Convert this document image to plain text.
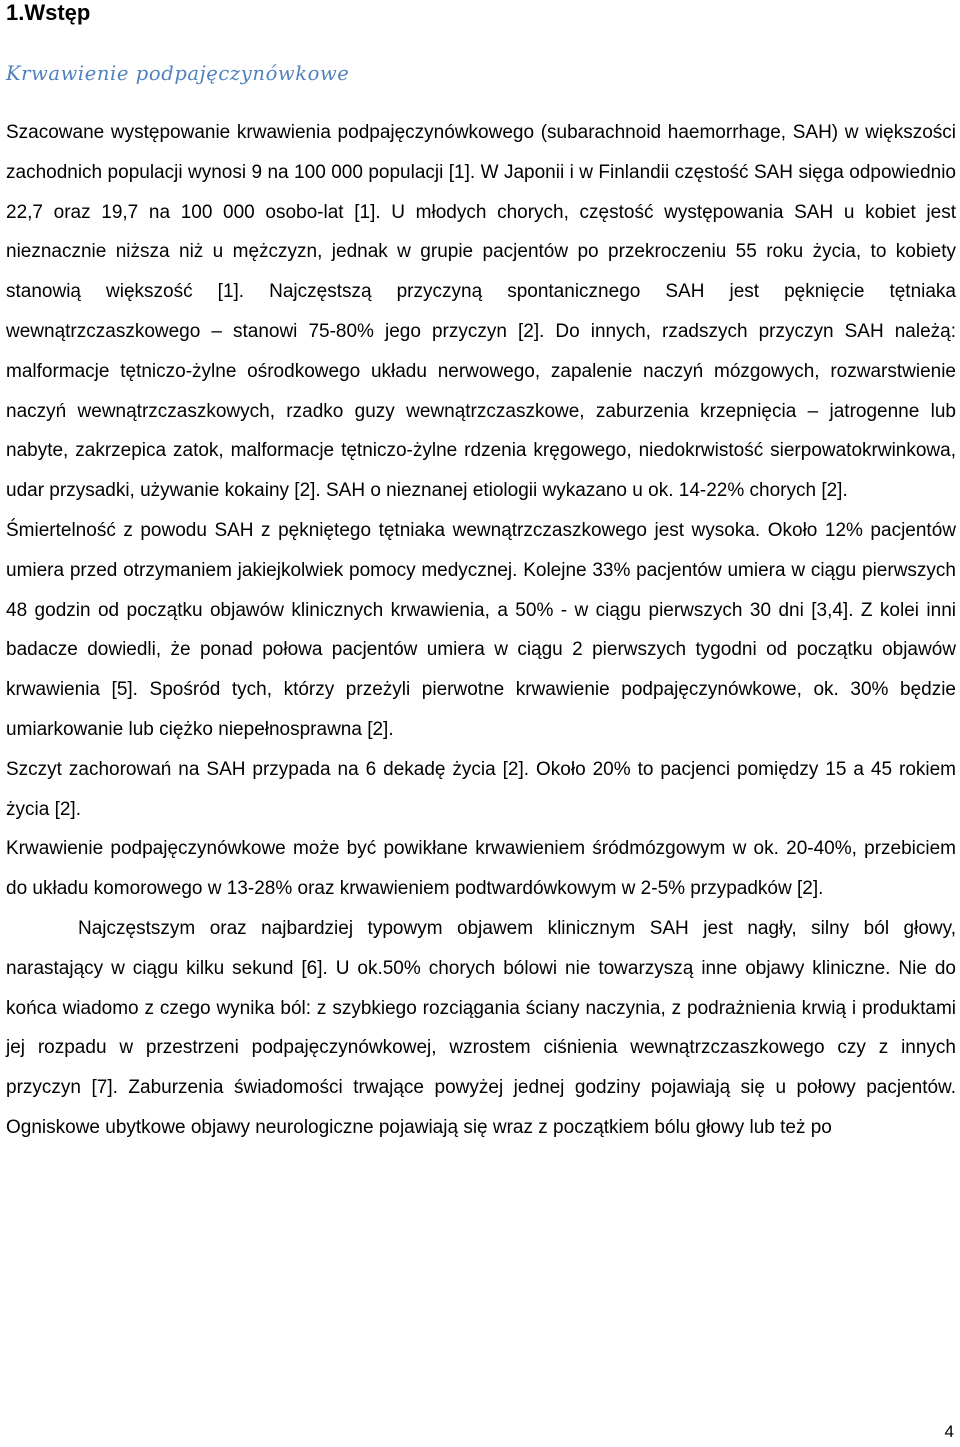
1.Wstęp
Krwawienie podpajęczynówkowe

Szacowane występowanie krwawienia podpajęczynówkowego (subarachnoid haemorrhage, SAH) w większości zachodnich populacji wynosi 9 na 100 000 populacji [1]. W Japonii i w Finlandii częstość SAH sięga odpowiednio 22,7 oraz 19,7 na 100 000 osobo-lat [1]. U młodych chorych, częstość występowania SAH u kobiet jest nieznacznie niższa niż u mężczyzn, jednak w grupie pacjentów po przekroczeniu 55 roku życia, to kobiety stanowią większość [1]. Najczęstszą przyczyną spontanicznego SAH jest pęknięcie tętniaka wewnątrzczaszkowego – stanowi 75-80% jego przyczyn [2]. Do innych, rzadszych przyczyn SAH należą: malformacje tętniczo-żylne ośrodkowego układu nerwowego, zapalenie naczyń mózgowych, rozwarstwienie naczyń wewnątrzczaszkowych, rzadko guzy wewnątrzczaszkowe, zaburzenia krzepnięcia – jatrogenne lub nabyte, zakrzepica zatok, malformacje tętniczo-żylne rdzenia kręgowego, niedokrwistość sierpowatokrwinkowa, udar przysadki, używanie kokainy [2]. SAH o nieznanej etiologii wykazano u ok. 14-22% chorych [2].

Śmiertelność z powodu SAH z pękniętego tętniaka wewnątrzczaszkowego jest wysoka. Około 12% pacjentów umiera przed otrzymaniem jakiejkolwiek pomocy medycznej. Kolejne 33% pacjentów umiera w ciągu pierwszych 48 godzin od początku objawów klinicznych krwawienia, a 50% - w ciągu pierwszych 30 dni [3,4]. Z kolei inni badacze dowiedli, że ponad połowa pacjentów umiera w ciągu 2 pierwszych tygodni od początku objawów krwawienia [5]. Spośród tych, którzy przeżyli pierwotne krwawienie podpajęczynówkowe, ok. 30% będzie umiarkowanie lub ciężko niepełnosprawna [2].

Szczyt zachorowań na SAH przypada na 6 dekadę życia [2]. Około 20% to pacjenci pomiędzy 15 a 45 rokiem życia [2].

Krwawienie podpajęczynówkowe może być powikłane krwawieniem śródmózgowym w ok. 20-40%, przebiciem do układu komorowego w 13-28% oraz krwawieniem podtwardówkowym w 2-5% przypadków [2].

Najczęstszym oraz najbardziej typowym objawem klinicznym SAH jest nagły, silny ból głowy, narastający w ciągu kilku sekund [6]. U ok.50% chorych bólowi nie towarzyszą inne objawy kliniczne. Nie do końca wiadomo z czego wynika ból: z szybkiego rozciągania ściany naczynia, z podrażnienia krwią i produktami jej rozpadu w przestrzeni podpajęczynówkowej, wzrostem ciśnienia wewnątrzczaszkowego czy z innych przyczyn [7]. Zaburzenia świadomości trwające powyżej jednej godziny pojawiają się u połowy pacjentów. Ogniskowe ubytkowe objawy neurologiczne pojawiają się wraz z początkiem bólu głowy lub też po

4
